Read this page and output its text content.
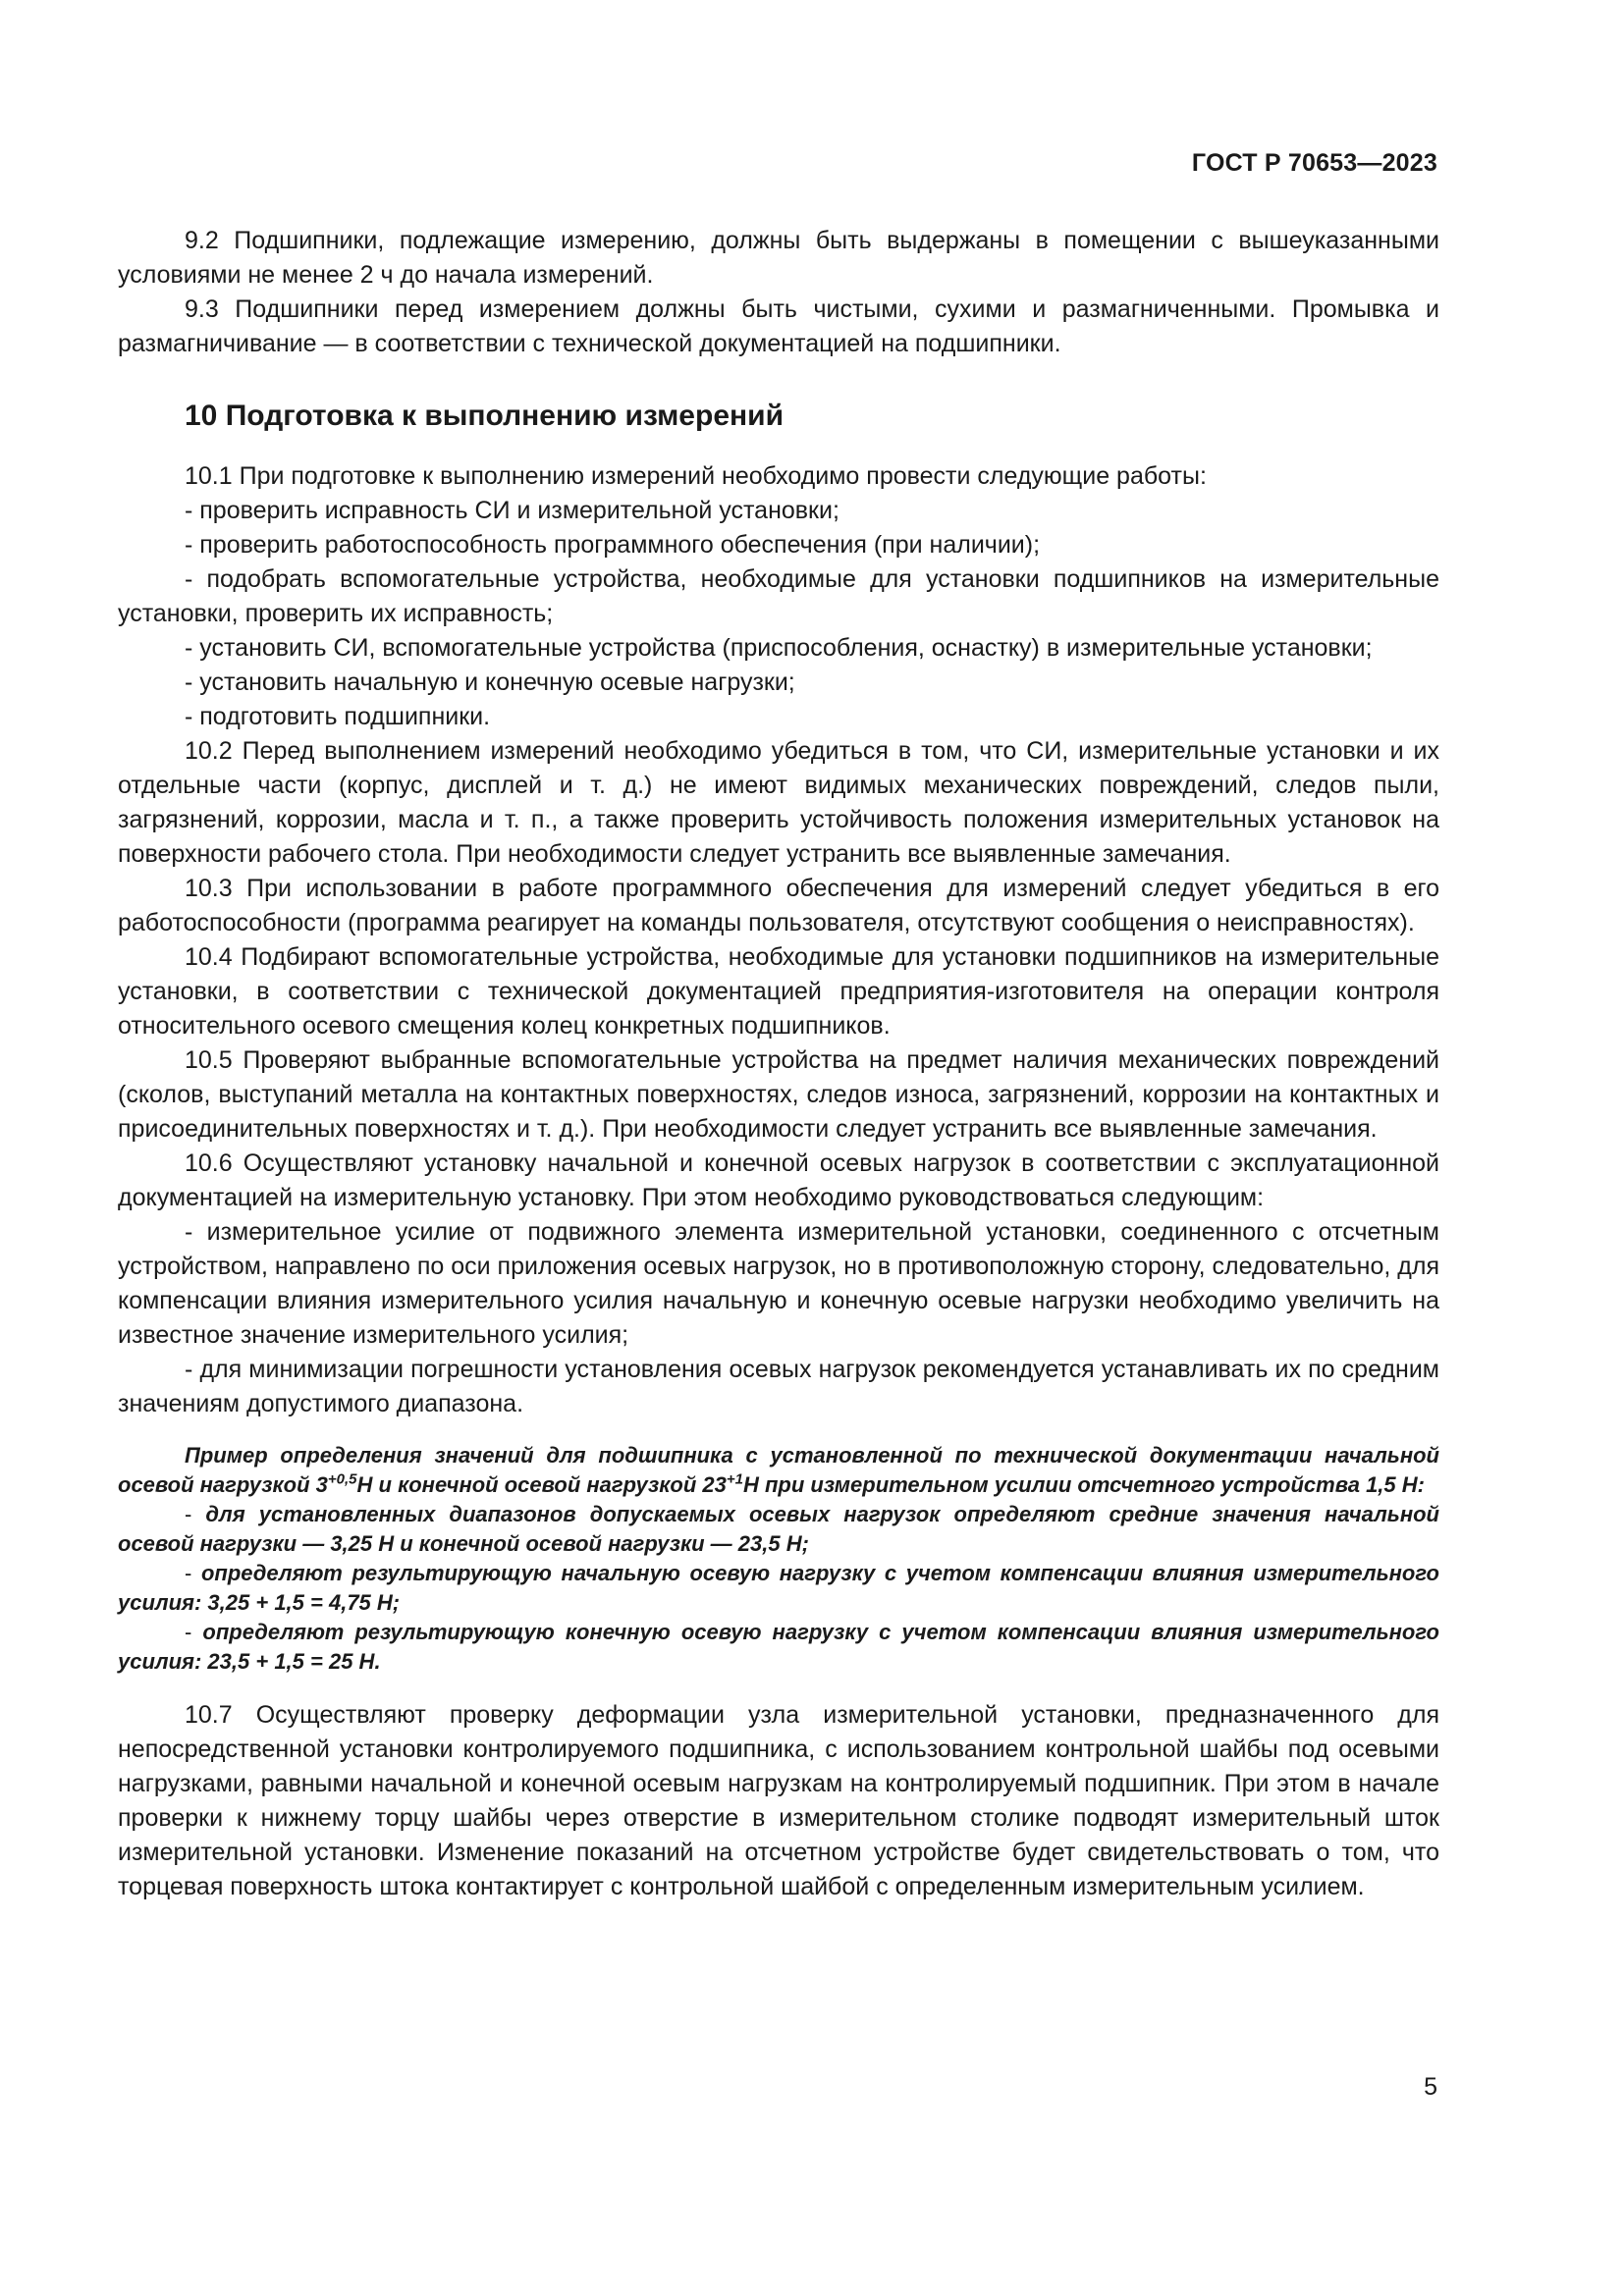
ГОСТ Р 70653—2023

9.2 Подшипники, подлежащие измерению, должны быть выдержаны в помещении с вышеуказанными условиями не менее 2 ч до начала измерений.

9.3 Подшипники перед измерением должны быть чистыми, сухими и размагниченными. Промывка и размагничивание — в соответствии с технической документацией на подшипники.

10 Подготовка к выполнению измерений

10.1 При подготовке к выполнению измерений необходимо провести следующие работы:

- проверить исправность СИ и измерительной установки;

- проверить работоспособность программного обеспечения (при наличии);

- подобрать вспомогательные устройства, необходимые для установки подшипников на измерительные установки, проверить их исправность;

- установить СИ, вспомогательные устройства (приспособления, оснастку) в измерительные установки;

- установить начальную и конечную осевые нагрузки;

- подготовить подшипники.

10.2 Перед выполнением измерений необходимо убедиться в том, что СИ, измерительные установки и их отдельные части (корпус, дисплей и т. д.) не имеют видимых механических повреждений, следов пыли, загрязнений, коррозии, масла и т. п., а также проверить устойчивость положения измерительных установок на поверхности рабочего стола. При необходимости следует устранить все выявленные замечания.

10.3 При использовании в работе программного обеспечения для измерений следует убедиться в его работоспособности (программа реагирует на команды пользователя, отсутствуют сообщения о неисправностях).

10.4 Подбирают вспомогательные устройства, необходимые для установки подшипников на измерительные установки, в соответствии с технической документацией предприятия-изготовителя на операции контроля относительного осевого смещения колец конкретных подшипников.

10.5 Проверяют выбранные вспомогательные устройства на предмет наличия механических повреждений (сколов, выступаний металла на контактных поверхностях, следов износа, загрязнений, коррозии на контактных и присоединительных поверхностях и т. д.). При необходимости следует устранить все выявленные замечания.

10.6 Осуществляют установку начальной и конечной осевых нагрузок в соответствии с эксплуатационной документацией на измерительную установку. При этом необходимо руководствоваться следующим:

- измерительное усилие от подвижного элемента измерительной установки, соединенного с отсчетным устройством, направлено по оси приложения осевых нагрузок, но в противоположную сторону, следовательно, для компенсации влияния измерительного усилия начальную и конечную осевые нагрузки необходимо увеличить на известное значение измерительного усилия;

- для минимизации погрешности установления осевых нагрузок рекомендуется устанавливать их по средним значениям допустимого диапазона.

Пример определения значений для подшипника с установленной по технической документации начальной осевой нагрузкой $3^{+0,5}Н$ и конечной осевой нагрузкой $23^{+1}Н$ при измерительном усилии отсчетного устройства 1,5 Н:

- для установленных диапазонов допускаемых осевых нагрузок определяют средние значения начальной осевой нагрузки — 3,25 Н и конечной осевой нагрузки — 23,5 Н;

- определяют результирующую начальную осевую нагрузку с учетом компенсации влияния измерительного усилия: 3,25 + 1,5 = 4,75 Н;

- определяют результирующую конечную осевую нагрузку с учетом компенсации влияния измерительного усилия: 23,5 + 1,5 = 25 Н.

10.7 Осуществляют проверку деформации узла измерительной установки, предназначенного для непосредственной установки контролируемого подшипника, с использованием контрольной шайбы под осевыми нагрузками, равными начальной и конечной осевым нагрузкам на контролируемый подшипник. При этом в начале проверки к нижнему торцу шайбы через отверстие в измерительном столике подводят измерительный шток измерительной установки. Изменение показаний на отсчетном устройстве будет свидетельствовать о том, что торцевая поверхность штока контактирует с контрольной шайбой с определенным измерительным усилием.

5
